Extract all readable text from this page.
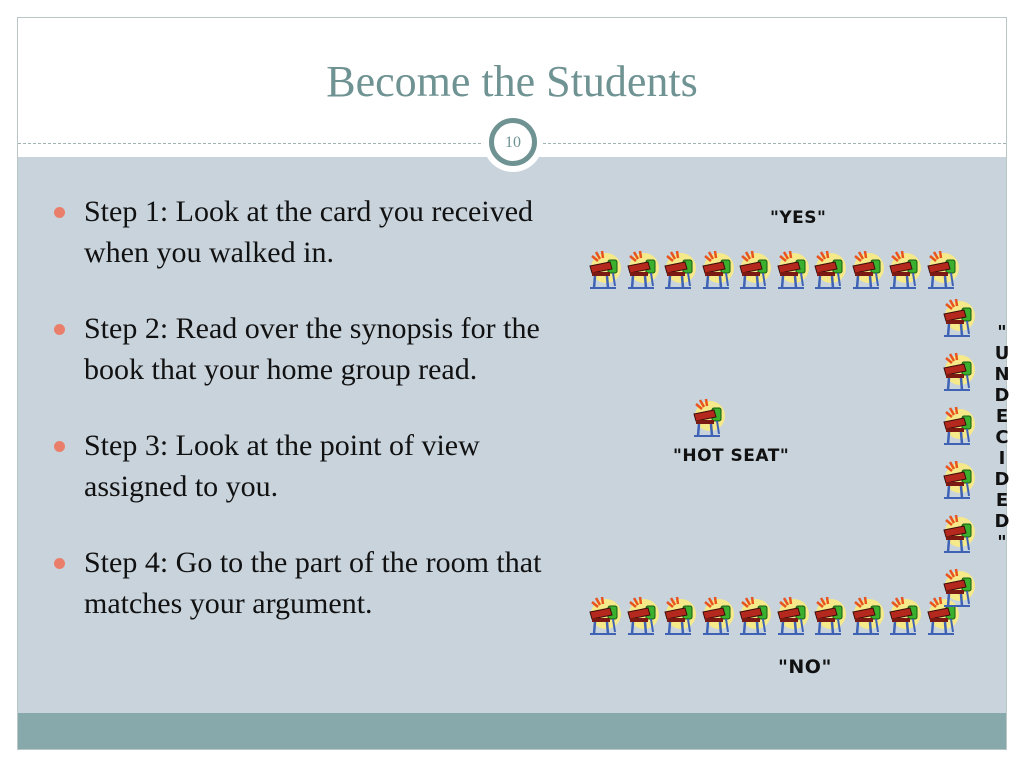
Become the Students
10
Step 1: Look at the card you received when you walked in.
Step 2: Read over the synopsis for the book that your home group read.
Step 3: Look at the point of view assigned to you.
Step 4: Go to the part of the room that matches your argument.
"YES"
"NO"
"HOT SEAT"
"
U
N
D
E
C
I
D
E
D
"
